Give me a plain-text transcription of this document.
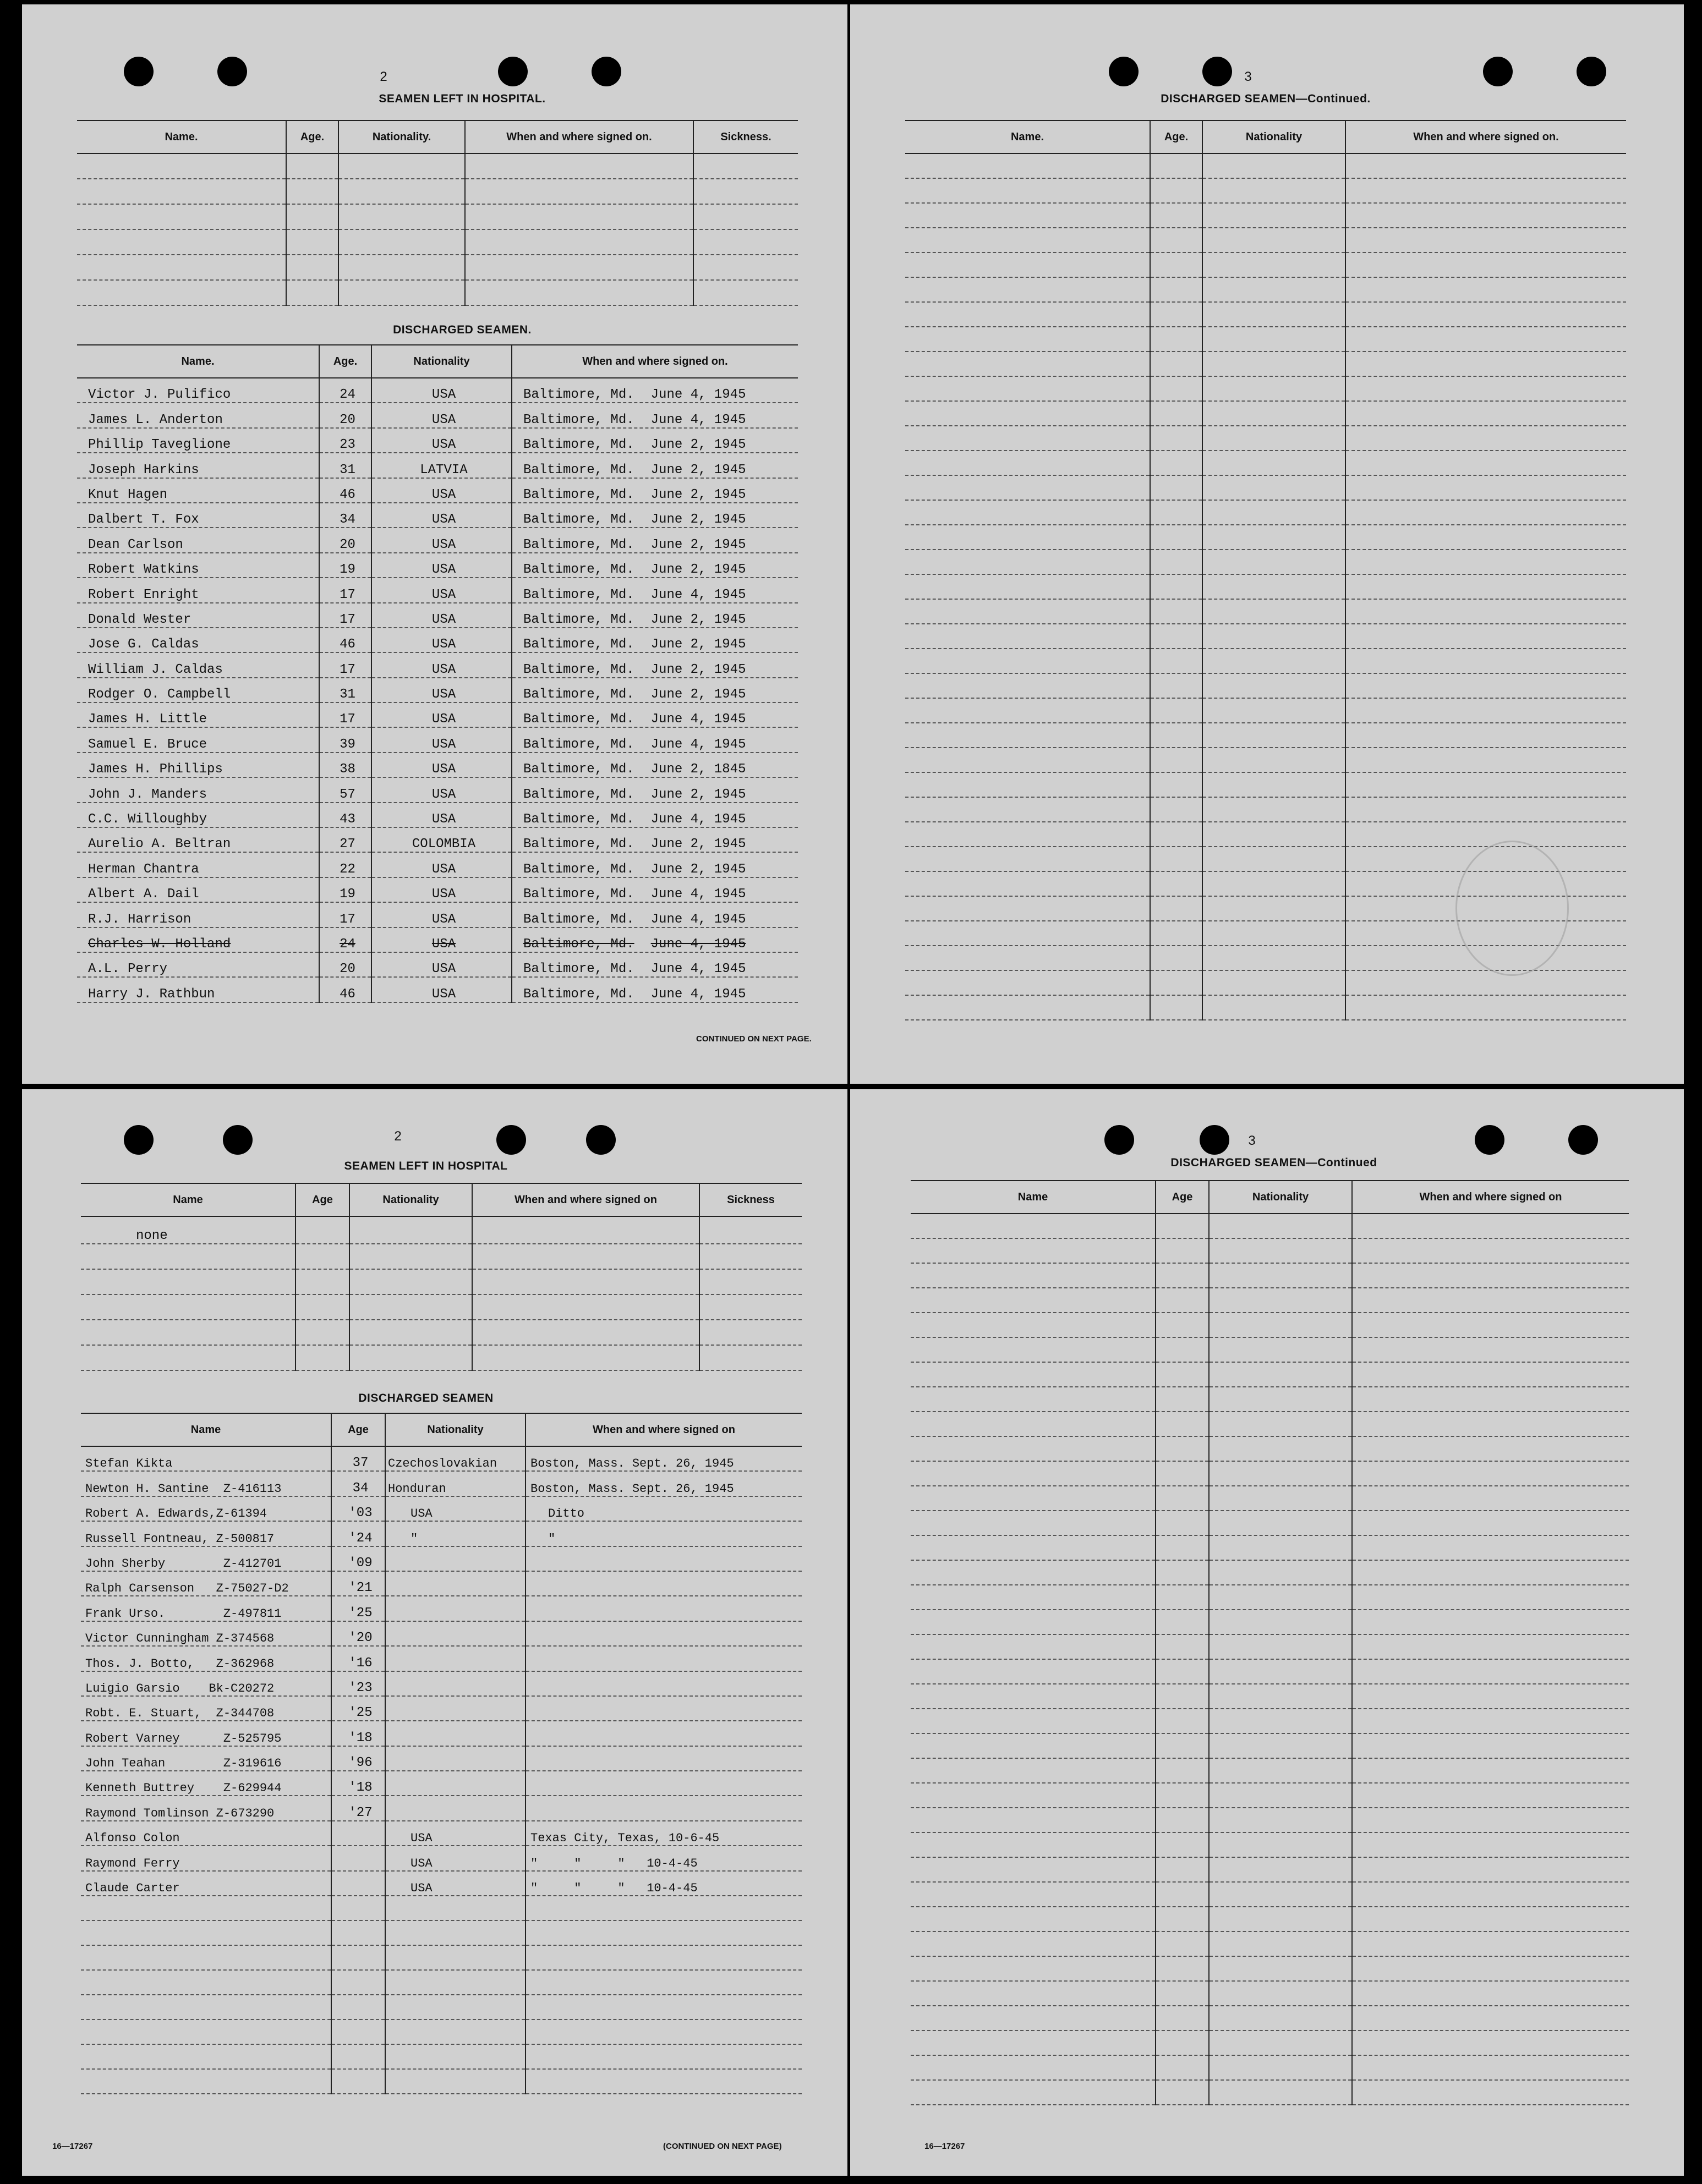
2
SEAMEN LEFT IN HOSPITAL.
Name.	Age.	Nationality.	When and where signed on.	Sickness.

DISCHARGED SEAMEN.
Name.	Age.	Nationality	When and where signed on.
Victor J. Pulifico	24	USA	Baltimore, Md. June 4, 1945
James L. Anderton	20	USA	Baltimore, Md. June 4, 1945
Phillip Taveglione	23	USA	Baltimore, Md. June 2, 1945
Joseph Harkins	31	LATVIA	Baltimore, Md. June 2, 1945
Knut Hagen	46	USA	Baltimore, Md. June 2, 1945
Dalbert T. Fox	34	USA	Baltimore, Md. June 2, 1945
Dean Carlson	20	USA	Baltimore, Md. June 2, 1945
Robert Watkins	19	USA	Baltimore, Md. June 2, 1945
Robert Enright	17	USA	Baltimore, Md. June 4, 1945
Donald Wester	17	USA	Baltimore, Md. June 2, 1945
Jose G. Caldas	46	USA	Baltimore, Md. June 2, 1945
William J. Caldas	17	USA	Baltimore, Md. June 2, 1945
Rodger O. Campbell	31	USA	Baltimore, Md. June 2, 1945
James H. Little	17	USA	Baltimore, Md. June 4, 1945
Samuel E. Bruce	39	USA	Baltimore, Md. June 4, 1945
James H. Phillips	38	USA	Baltimore, Md. June 2, 1845
John J. Manders	57	USA	Baltimore, Md. June 2, 1945
C.C. Willoughby	43	USA	Baltimore, Md. June 4, 1945
Aurelio A. Beltran	27	COLOMBIA	Baltimore, Md. June 2, 1945
Herman Chantra	22	USA	Baltimore, Md. June 2, 1945
Albert A. Dail	19	USA	Baltimore, Md. June 4, 1945
R.J. Harrison	17	USA	Baltimore, Md. June 4, 1945
Charles W. Holland	24	USA	Baltimore, Md. June 4, 1945
A.L. Perry	20	USA	Baltimore, Md. June 4, 1945
Harry J. Rathbun	46	USA	Baltimore, Md. June 4, 1945
CONTINUED ON NEXT PAGE.
3
DISCHARGED SEAMEN—Continued.
Name.	Age.	Nationality	When and where signed on.

2
SEAMEN LEFT IN HOSPITAL
Name	Age	Nationality	When and where signed on	Sickness
none				

DISCHARGED SEAMEN
Name	Age	Nationality	When and where signed on
Stefan Kikta	37	Czechoslovakian	Boston, Mass. Sept. 26, 1945
Newton H. Santine  Z-416113	34	Honduran	Boston, Mass. Sept. 26, 1945
Robert A. Edwards,Z-61394	'03	USA	Ditto
Russell Fontneau, Z-500817	'24	"	"
John Sherby        Z-412701	'09		
Ralph Carsenson   Z-75027-D2	'21		
Frank Urso.        Z-497811	'25		
Victor Cunningham Z-374568	'20		
Thos. J. Botto,   Z-362968	'16		
Luigio Garsio    Bk-C20272	'23		
Robt. E. Stuart,  Z-344708	'25		
Robert Varney      Z-525795	'18		
John Teahan        Z-319616	'96		
Kenneth Buttrey    Z-629944	'18		
Raymond Tomlinson Z-673290	'27		
Alfonso Colon		USA	Texas City, Texas, 10-6-45
Raymond Ferry		USA	"     "     "   10-4-45
Claude Carter		USA	"     "     "   10-4-45

16—17267	(CONTINUED ON NEXT PAGE)
3
DISCHARGED SEAMEN—Continued
Name	Age	Nationality	When and where signed on

16—17267
